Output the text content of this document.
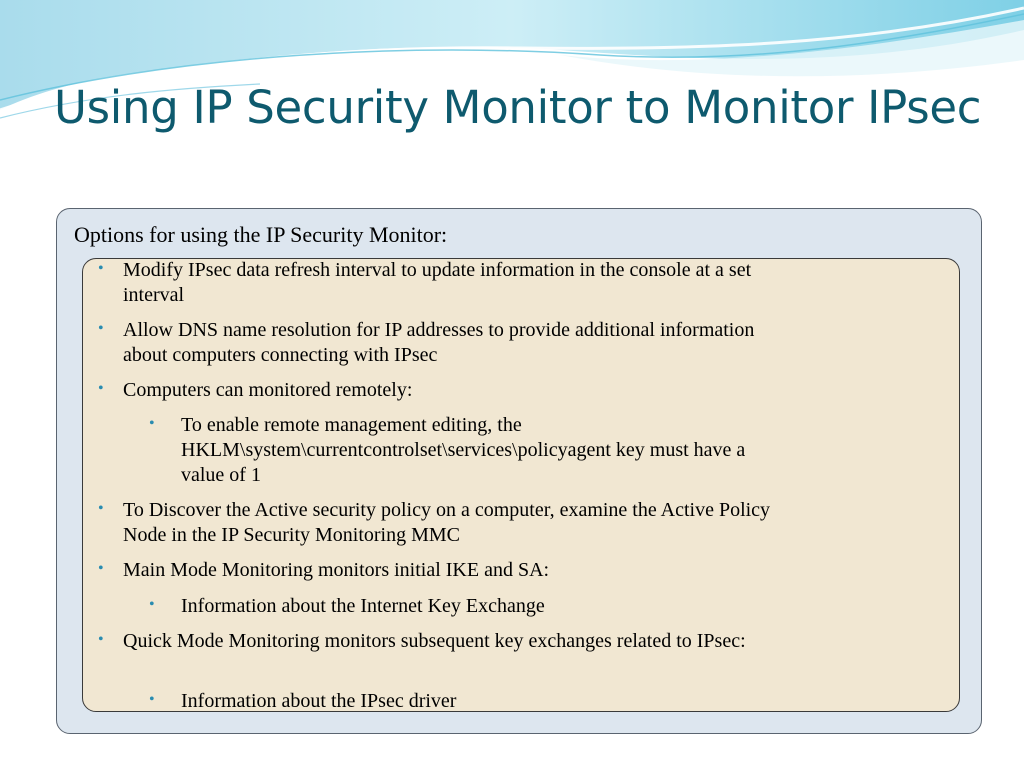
Using IP Security Monitor to Monitor IPsec

Options for using the IP Security Monitor:

• Modify IPsec data refresh interval to update information in the console at a set interval
• Allow DNS name resolution for IP addresses to provide additional information about computers connecting with IPsec
• Computers can monitored remotely:
• To enable remote management editing, the HKLM\system\currentcontrolset\services\policyagent key must have a value of 1
• To Discover the Active security policy on a computer, examine the Active Policy Node in the IP Security Monitoring MMC
• Main Mode Monitoring monitors initial IKE and SA:
• Information about the Internet Key Exchange
• Quick Mode Monitoring monitors subsequent key exchanges related to IPsec:
• Information about the IPsec driver
